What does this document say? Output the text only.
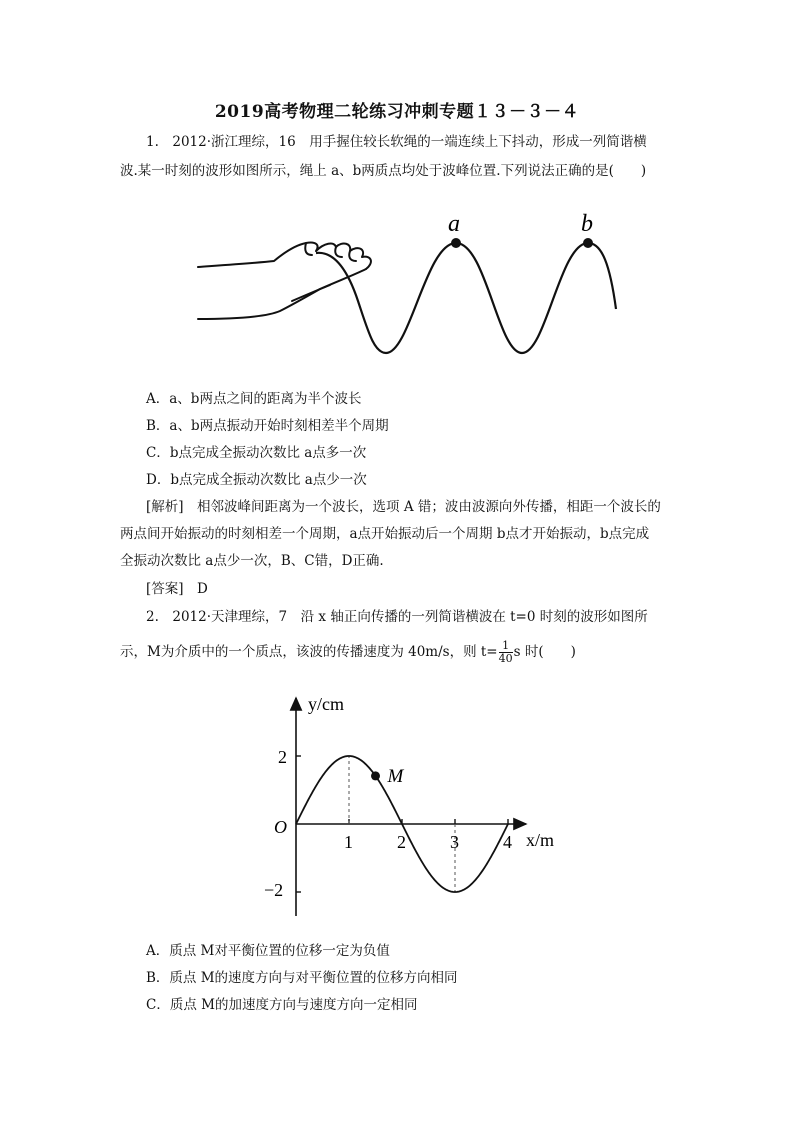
2019高考物理二轮练习冲刺专题１３－３－４
1.　2012·浙江理综，16　用手握住较长软绳的一端连续上下抖动，形成一列简谐横
波.某一时刻的波形如图所示，绳上 a、b两质点均处于波峰位置.下列说法正确的是(　　)
a	b
A．a、b两点之间的距离为半个波长
B．a、b两点振动开始时刻相差半个周期
C．b点完成全振动次数比 a点多一次
D．b点完成全振动次数比 a点少一次
[解析]　相邻波峰间距离为一个波长，选项 A 错；波由波源向外传播，相距一个波长的
两点间开始振动的时刻相差一个周期，a点开始振动后一个周期 b点才开始振动，b点完成
全振动次数比 a点少一次，B、C错，D正确.
[答案]　D
2.　2012·天津理综，7　沿 x 轴正向传播的一列简谐横波在 t=0 时刻的波形如图所
示，M为介质中的一个质点，该波的传播速度为 40m/s，则 $t= \frac{1}{40}$ s 时(　　)
M
y/cm
x/m
O
1 2 3 4
2
−2
A．质点 M对平衡位置的位移一定为负值
B．质点 M的速度方向与对平衡位置的位移方向相同
C．质点 M的加速度方向与速度方向一定相同
